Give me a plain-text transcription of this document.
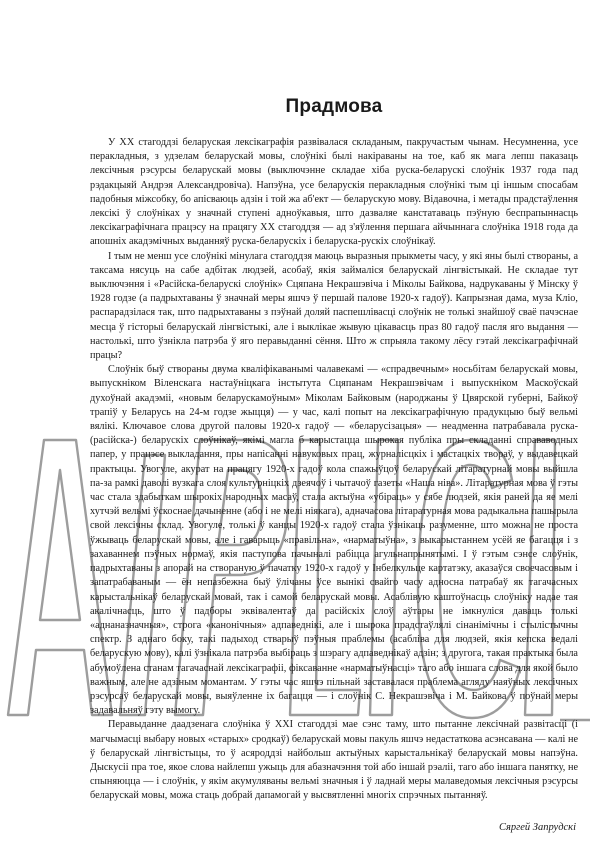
Прадмова

У XX стагоддзі беларуская лексікаграфія развівалася складаным, пакручастым чынам. Несумненна, усе перакладныя, з удзелам беларускай мовы, слоўнікі былі накіраваны на тое, каб як мага лепш паказаць лексічныя рэсурсы беларускай мовы (выключэнне складае хіба руска-беларускі слоўнік 1937 года пад рэдакцыяй Андрэя Александровіча). Напэўна, усе беларускія перакладныя слоўнікі тым ці іншым спосабам падобныя міжсобку, бо апісваюць адзін і той жа аб'ект — беларускую мову. Відавочна, і метады прадстаўлення лексікі ў слоўніках у значнай ступені адноўкавыя, што дазваляе канстатаваць пэўную беспрапыннасць лексікаграфічнага працэсу на працягу XX стагоддзя — ад з'яўлення першага айчыннага слоўніка 1918 года да апошніх акадэмічных выданняў руска-беларускіх і беларуска-рускіх слоўнікаў.

І тым не менш усе слоўнікі мінулага стагоддзя маюць выразныя прыкметы часу, у які яны былі створаны, а таксама нясуць на сабе адбітак людзей, асобаў, якія займаліся беларускай лінгвістыкай. Не складае тут выключэння і «Расійска-беларускі слоўнік» Сцяпана Некрашэвіча і Міколы Байкова, надрукаваны ў Мінску ў 1928 годзе (а падрыхтаваны ў значнай меры яшчэ ў першай палове 1920-х гадоў). Капрызная дама, муза Кліо, распарадзілася так, што падрыхтаваны з пэўнай доляй паспешлівасці слоўнік не толькі знайшоў сваё пачэснае месца ў гісторыі беларускай лінгвістыкі, але і выклікае жывую цікавасць праз 80 гадоў пасля яго выдання — настолькі, што ўзнікла патрэба ў яго перавыданні сёння. Што ж спрыяла такому лёсу гэтай лексікаграфічнай працы?

Слоўнік быў створаны двума кваліфікаванымі чалавекамі — «спрадвечным» носьбітам беларускай мовы, выпускніком Віленскага настаўніцкага інстытута Сцяпанам Некрашэвічам і выпускніком Маскоўскай духоўнай акадэміі, «новым беларускамоўным» Міколам Байковым (народжаны ў Цвярской губерні, Байкоў трапіў у Беларусь на 24-м годзе жыцця) — у час, калі попыт на лексікаграфічную прадукцыю быў вельмі вялікі. Ключавое слова другой паловы 1920-х гадоў — «беларусізацыя» — неадменна патрабавала руска- (расійска-) беларускіх слоўнікаў, якімі магла б карыстацца шырокая публіка пры складанні справаводных папер, у працэсе выкладання, пры напісанні навуковых прац, журналісцкіх і мастацкіх твораў, у выдавецкай практыцы. Увогуле, акурат на працягу 1920-х гадоў кола спажыўцоў беларускай літаратурнай мовы выйшла па-за рамкі даволі вузкага слоя культурніцкіх дзеячоў і чытачоў газеты «Наша ніва». Літаратурная мова ў гэты час стала здабыткам шырокіх народных масаў, стала актыўна «убіраць» у сябе людзей, якія раней да яе мелі хутчэй вельмі ўскоснае дачыненне (або і не мелі ніякага), адначасова літаратурная мова радыкальна пашырыла свой лексічны склад. Увогуле, толькі ў канцы 1920-х гадоў стала ўзнікаць разуменне, што можна не проста ўжываць беларускай мовы, але і гаварыць «правільна», «нарматыўна», з выкарыстаннем усёй яе багацця і з захаваннем пэўных нормаў, якія паступова пачыналі рабіцца агульнапрынятымі. І ў гэтым сэнсе слоўнік, падрыхтаваны з апорай на створаную ў пачатку 1920-х гадоў у Інбелкульце картатэку, аказаўся своечасовым і запатрабаваным — ён непазбежна быў ўлічаны ўсе вынікі свайго часу адносна патрабаў як тагачасных карыстальнікаў беларускай мовай, так і самой беларускай мовы. Асаблівую каштоўнасць слоўніку надае тая акалічнасць, што ў падборы эквівалентаў да расійскіх слоў аўтары не імкнуліся даваць толькі «аднаназначныя», строга «канонічныя» адпаведнікі, але і шырока прадстаўлялі сінанімічны і стылістычны спектр. З аднаго боку, такі падыход стварыў пэўныя праблемы (асабліва для людзей, якія кепска ведалі беларускую мову), калі ўзнікала патрэба выбіраць з шэрагу адпаведнікаў адзін; з другога, такая практыка была абумоўлена станам тагачаснай лексікаграфіі, фіксаванне «нарматыўнасці» таго або іншага слова для якой было важным, але не адзіным момантам. У гэты час яшчэ пільнай заставалася праблема агляду наяўных лексічных рэсурсаў беларускай мовы, выяўленне іх багацця — і слоўнік С. Некрашэвіча і М. Байкова ў поўнай меры задавальняў гэту вымогу.

Перавыданне даадзенага слоўніка ў XXI стагоддзі мае сэнс таму, што пытанне лексічнай развітасці (і магчымасці выбару новых «старых» сродкаў) беларускай мовы пакуль яшчэ недастаткова асэнсавана — калі не ў беларускай лінгвістыцы, то ў асяроддзі найбольш актыўных карыстальнікаў беларускай мовы напэўна. Дыскусіі пра тое, якое слова найлепш ужыць для абазначэння той або іншай рэаліі, таго або іншага панятку, не спыняюцца — і слоўнік, у якім акумуляваны вельмі значныя і ў ладнай меры малаведомыя лексічныя рэсурсы беларускай мовы, можа стаць добрай дапамогай у высвятленні многіх спрэчных пытанняў.

Сяргей Запрудскі
